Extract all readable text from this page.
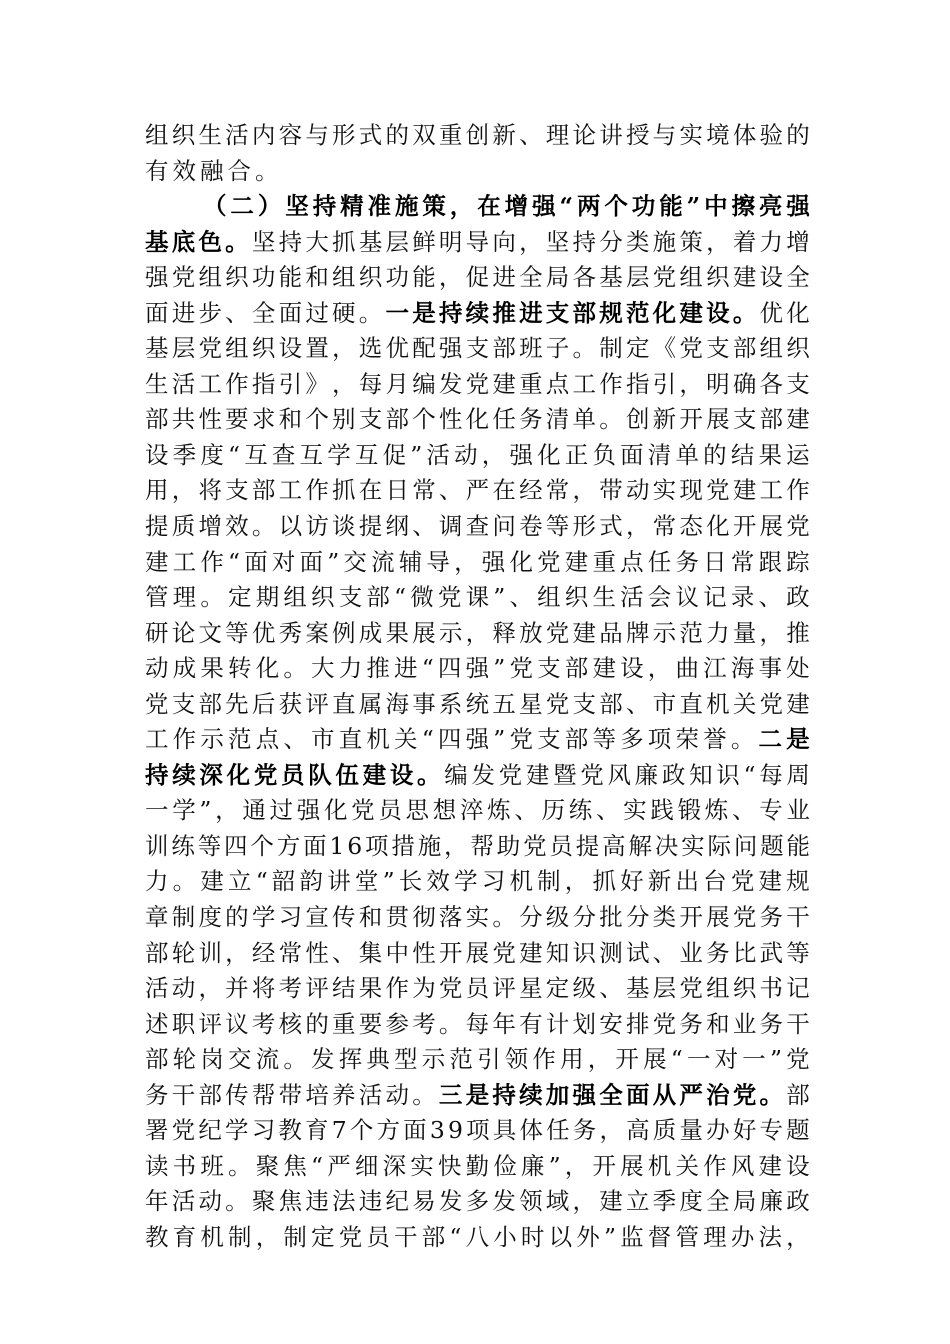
组 织 生 活 内 容 与 形 式 的 双 重 创 新 、 理 论 讲 授 与 实 境 体 验 的
有 效 融 合 。
（ 二 ） 坚 持 精 准 施 策 ， 在 增 强 “ 两 个 功 能 ” 中 擦 亮 强
基 底 色 。 坚 持 大 抓 基 层 鲜 明 导 向 ， 坚 持 分 类 施 策 ， 着 力 增
强 党 组 织 功 能 和 组 织 功 能 ， 促 进 全 局 各 基 层 党 组 织 建 设 全
面 进 步 、 全 面 过 硬 。 一 是 持 续 推 进 支 部 规 范 化 建 设 。 优 化
基 层 党 组 织 设 置 ， 选 优 配 强 支 部 班 子 。 制 定 《 党 支 部 组 织
生 活 工 作 指 引 》 ， 每 月 编 发 党 建 重 点 工 作 指 引 ， 明 确 各 支
部 共 性 要 求 和 个 别 支 部 个 性 化 任 务 清 单 。 创 新 开 展 支 部 建
设 季 度 “ 互 查 互 学 互 促 ” 活 动 ， 强 化 正 负 面 清 单 的 结 果 运
用 ， 将 支 部 工 作 抓 在 日 常 、 严 在 经 常 ， 带 动 实 现 党 建 工 作
提 质 增 效 。 以 访 谈 提 纲 、 调 查 问 卷 等 形 式 ， 常 态 化 开 展 党
建 工 作 “ 面 对 面 ” 交 流 辅 导 ， 强 化 党 建 重 点 任 务 日 常 跟 踪
管 理 。 定 期 组 织 支 部 “ 微 党 课 ” 、 组 织 生 活 会 议 记 录 、 政
研 论 文 等 优 秀 案 例 成 果 展 示 ， 释 放 党 建 品 牌 示 范 力 量 ， 推
动 成 果 转 化 。 大 力 推 进 “ 四 强 ” 党 支 部 建 设 ， 曲 江 海 事 处
党 支 部 先 后 获 评 直 属 海 事 系 统 五 星 党 支 部 、 市 直 机 关 党 建
工 作 示 范 点 、 市 直 机 关 “ 四 强 ” 党 支 部 等 多 项 荣 誉 。 二 是
持 续 深 化 党 员 队 伍 建 设 。 编 发 党 建 暨 党 风 廉 政 知 识 “ 每 周
一 学 ” ， 通 过 强 化 党 员 思 想 淬 炼 、 历 练 、 实 践 锻 炼 、 专 业
训 练 等 四 个 方 面 1 6 项 措 施 ， 帮 助 党 员 提 高 解 决 实 际 问 题 能
力 。 建 立 “ 韶 韵 讲 堂 ” 长 效 学 习 机 制 ， 抓 好 新 出 台 党 建 规
章 制 度 的 学 习 宣 传 和 贯 彻 落 实 。 分 级 分 批 分 类 开 展 党 务 干
部 轮 训 ， 经 常 性 、 集 中 性 开 展 党 建 知 识 测 试 、 业 务 比 武 等
活 动 ， 并 将 考 评 结 果 作 为 党 员 评 星 定 级 、 基 层 党 组 织 书 记
述 职 评 议 考 核 的 重 要 参 考 。 每 年 有 计 划 安 排 党 务 和 业 务 干
部 轮 岗 交 流 。 发 挥 典 型 示 范 引 领 作 用 ， 开 展 “ 一 对 一 ” 党
务 干 部 传 帮 带 培 养 活 动 。 三 是 持 续 加 强 全 面 从 严 治 党 。 部
署 党 纪 学 习 教 育 7 个 方 面 3 9 项 具 体 任 务 ， 高 质 量 办 好 专 题
读 书 班 。 聚 焦 “ 严 细 深 实 快 勤 俭 廉 ” ， 开 展 机 关 作 风 建 设
年 活 动 。 聚 焦 违 法 违 纪 易 发 多 发 领 域 ， 建 立 季 度 全 局 廉 政
教 育 机 制 ， 制 定 党 员 干 部 “ 八 小 时 以 外 ” 监 督 管 理 办 法 ，
